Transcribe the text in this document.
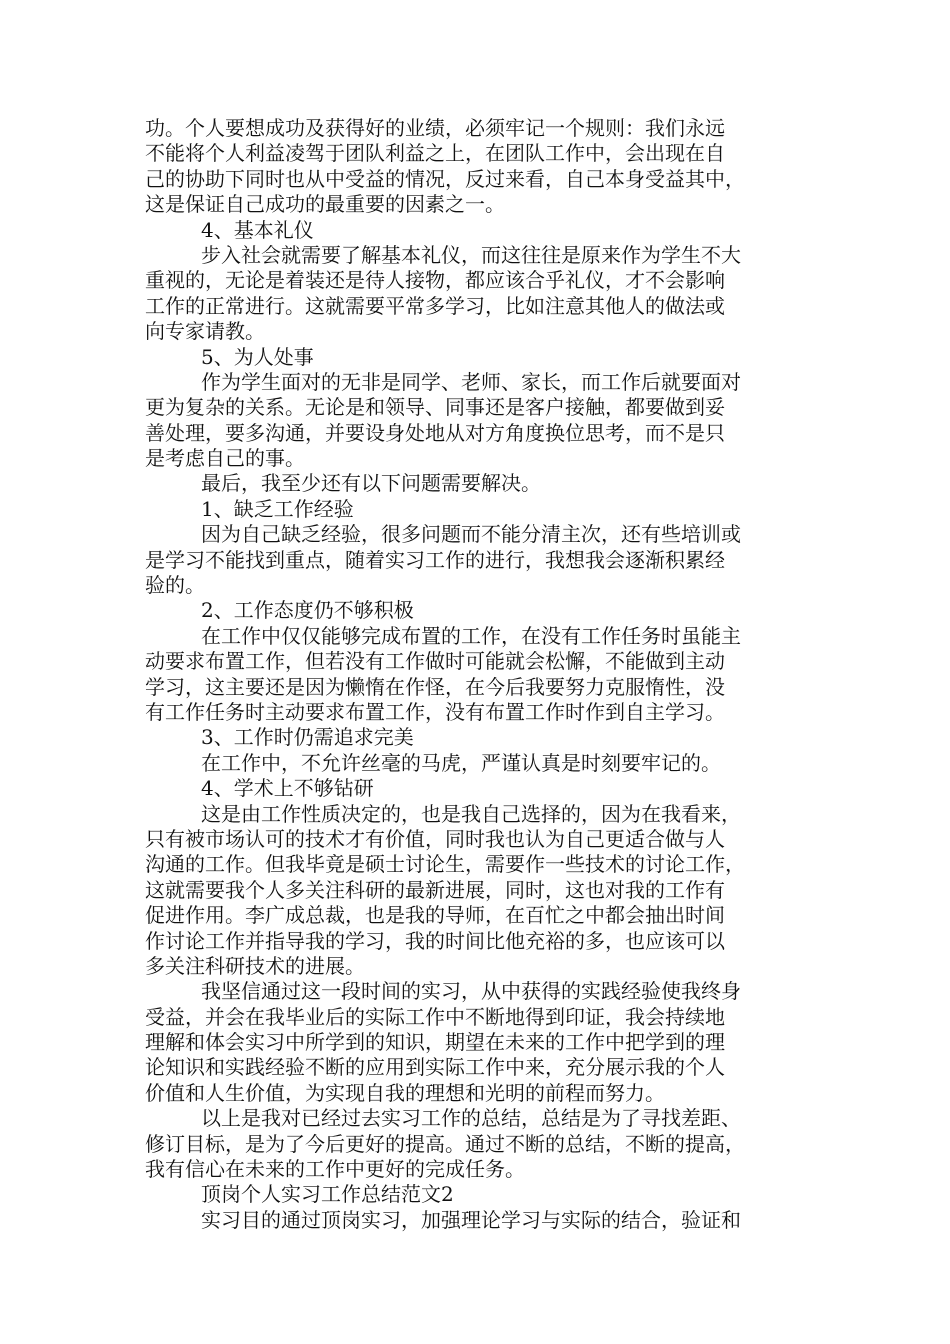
功。个人要想成功及获得好的业绩，必须牢记一个规则：我们永远
不能将个人利益凌驾于团队利益之上，在团队工作中，会出现在自
己的协助下同时也从中受益的情况，反过来看，自己本身受益其中，
这是保证自己成功的最重要的因素之一。
4、基本礼仪
步入社会就需要了解基本礼仪，而这往往是原来作为学生不大
重视的，无论是着装还是待人接物，都应该合乎礼仪，才不会影响
工作的正常进行。这就需要平常多学习，比如注意其他人的做法或
向专家请教。
5、为人处事
作为学生面对的无非是同学、老师、家长，而工作后就要面对
更为复杂的关系。无论是和领导、同事还是客户接触，都要做到妥
善处理，要多沟通，并要设身处地从对方角度换位思考，而不是只
是考虑自己的事。
最后，我至少还有以下问题需要解决。
1、缺乏工作经验
因为自己缺乏经验，很多问题而不能分清主次，还有些培训或
是学习不能找到重点，随着实习工作的进行，我想我会逐渐积累经
验的。
2、工作态度仍不够积极
在工作中仅仅能够完成布置的工作，在没有工作任务时虽能主
动要求布置工作，但若没有工作做时可能就会松懈，不能做到主动
学习，这主要还是因为懒惰在作怪，在今后我要努力克服惰性，没
有工作任务时主动要求布置工作，没有布置工作时作到自主学习。
3、工作时仍需追求完美
在工作中，不允许丝毫的马虎，严谨认真是时刻要牢记的。
4、学术上不够钻研
这是由工作性质决定的，也是我自己选择的，因为在我看来，
只有被市场认可的技术才有价值，同时我也认为自己更适合做与人
沟通的工作。但我毕竟是硕士讨论生，需要作一些技术的讨论工作，
这就需要我个人多关注科研的最新进展，同时，这也对我的工作有
促进作用。李广成总裁，也是我的导师，在百忙之中都会抽出时间
作讨论工作并指导我的学习，我的时间比他充裕的多，也应该可以
多关注科研技术的进展。
我坚信通过这一段时间的实习，从中获得的实践经验使我终身
受益，并会在我毕业后的实际工作中不断地得到印证，我会持续地
理解和体会实习中所学到的知识，期望在未来的工作中把学到的理
论知识和实践经验不断的应用到实际工作中来，充分展示我的个人
价值和人生价值，为实现自我的理想和光明的前程而努力。
以上是我对已经过去实习工作的总结，总结是为了寻找差距、
修订目标，是为了今后更好的提高。通过不断的总结，不断的提高，
我有信心在未来的工作中更好的完成任务。
顶岗个人实习工作总结范文2
实习目的通过顶岗实习，加强理论学习与实际的结合，验证和
